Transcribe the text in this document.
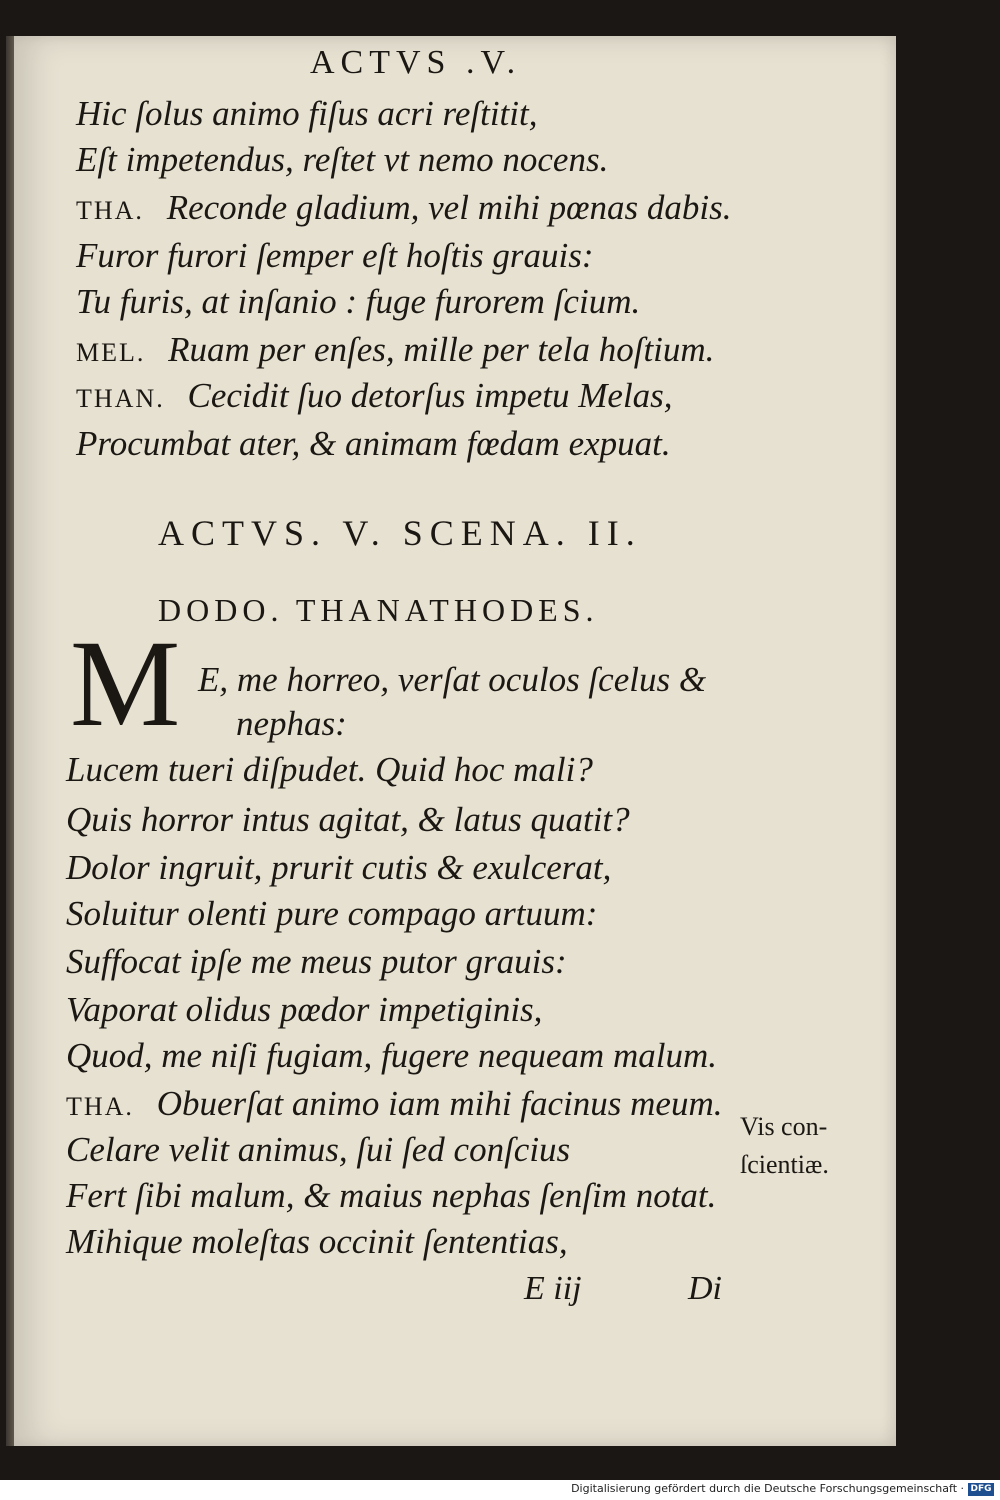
ACTVS .V.
Hic ſolus animo fiſus acri reſtitit,
Eſt impetendus, reſtet vt nemo nocens.
THA. Reconde gladium, vel mihi pœnas dabis.
Furor furori ſemper eſt hoſtis grauis:
Tu furis, at inſanio : fuge furorem ſcium.
MEL. Ruam per enſes, mille per tela hoſtium.
THAN. Cecidit ſuo detorſus impetu Melas,
Procumbat ater, & animam fœdam expuat.
ACTVS. V. SCENA. II.
DODO. THANATHODES.
M E, me horreo, verſat oculos ſcelus &
nephas:
Lucem tueri diſpudet. Quid hoc mali?
Quis horror intus agitat, & latus quatit?
Dolor ingruit, prurit cutis & exulcerat,
Soluitur olenti pure compago artuum:
Suffocat ipſe me meus putor grauis:
Vaporat olidus pœdor impetiginis,
Quod, me niſi fugiam, fugere nequeam malum.
THA. Obuerſat animo iam mihi facinus meum.
Celare velit animus, ſui ſed conſcius
Fert ſibi malum, & maius nephas ſenſim notat.
Mihique moleſtas occinit ſententias,
Vis con-
ſcientiæ.
E iij	Di
Digitalisierung gefördert durch die Deutsche Forschungsgemeinschaft · DFG
